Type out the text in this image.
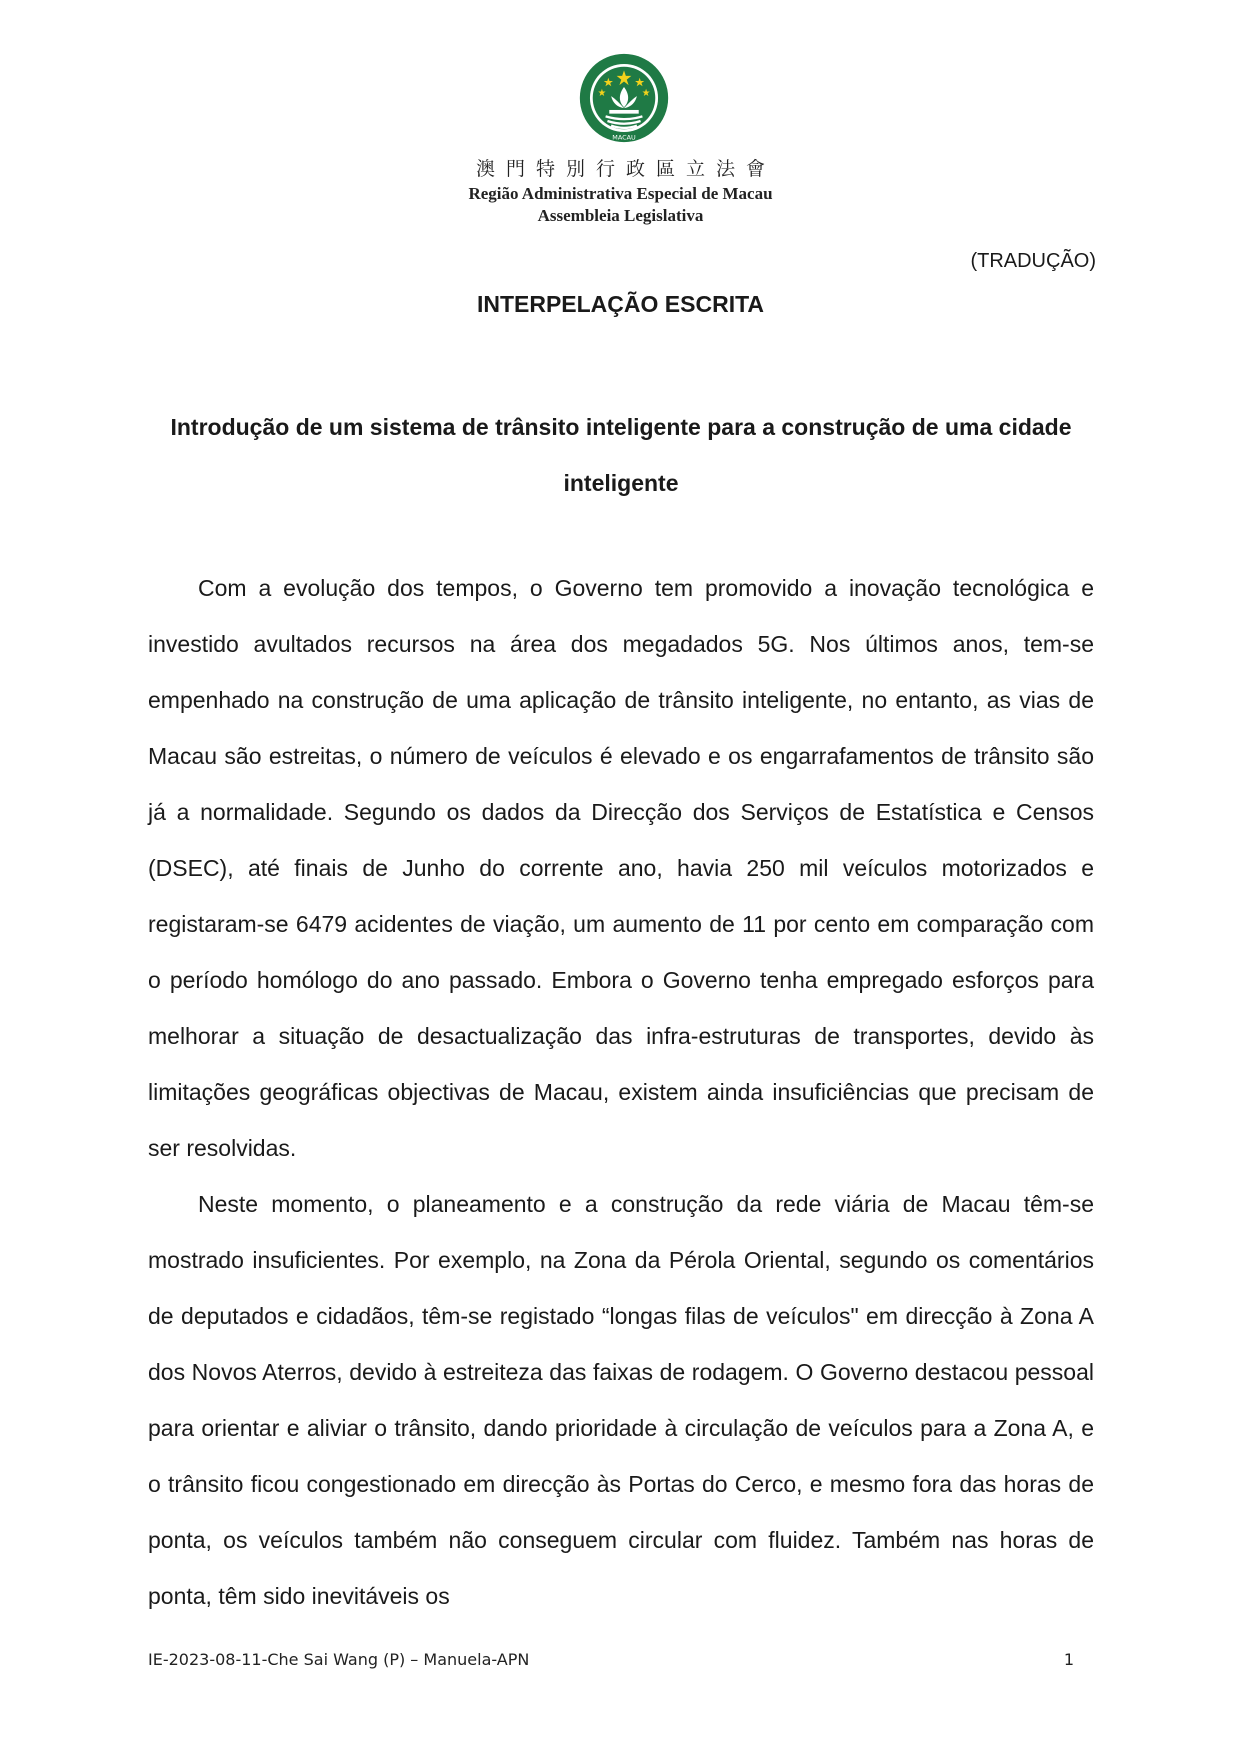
MACAU
澳門特別行政區立法會
Região Administrativa Especial de Macau
Assembleia Legislativa
(TRADUÇÃO)
INTERPELAÇÃO ESCRITA
Introdução de um sistema de trânsito inteligente para a construção de uma cidade inteligente

Com a evolução dos tempos, o Governo tem promovido a inovação tecnológica e investido avultados recursos na área dos megadados 5G. Nos últimos anos, tem-se empenhado na construção de uma aplicação de trânsito inteligente, no entanto, as vias de Macau são estreitas, o número de veículos é elevado e os engarrafamentos de trânsito são já a normalidade. Segundo os dados da Direcção dos Serviços de Estatística e Censos (DSEC), até finais de Junho do corrente ano, havia 250 mil veículos motorizados e registaram-se 6479 acidentes de viação, um aumento de 11 por cento em comparação com o período homólogo do ano passado. Embora o Governo tenha empregado esforços para melhorar a situação de desactualização das infra-estruturas de transportes, devido às limitações geográficas objectivas de Macau, existem ainda insuficiências que precisam de ser resolvidas.

Neste momento, o planeamento e a construção da rede viária de Macau têm-se mostrado insuficientes. Por exemplo, na Zona da Pérola Oriental, segundo os comentários de deputados e cidadãos, têm-se registado “longas filas de veículos" em direcção à Zona A dos Novos Aterros, devido à estreiteza das faixas de rodagem. O Governo destacou pessoal para orientar e aliviar o trânsito, dando prioridade à circulação de veículos para a Zona A, e o trânsito ficou congestionado em direcção às Portas do Cerco, e mesmo fora das horas de ponta, os veículos também não conseguem circular com fluidez. Também nas horas de ponta, têm sido inevitáveis os

IE-2023-08-11-Che Sai Wang (P) – Manuela-APN	1
